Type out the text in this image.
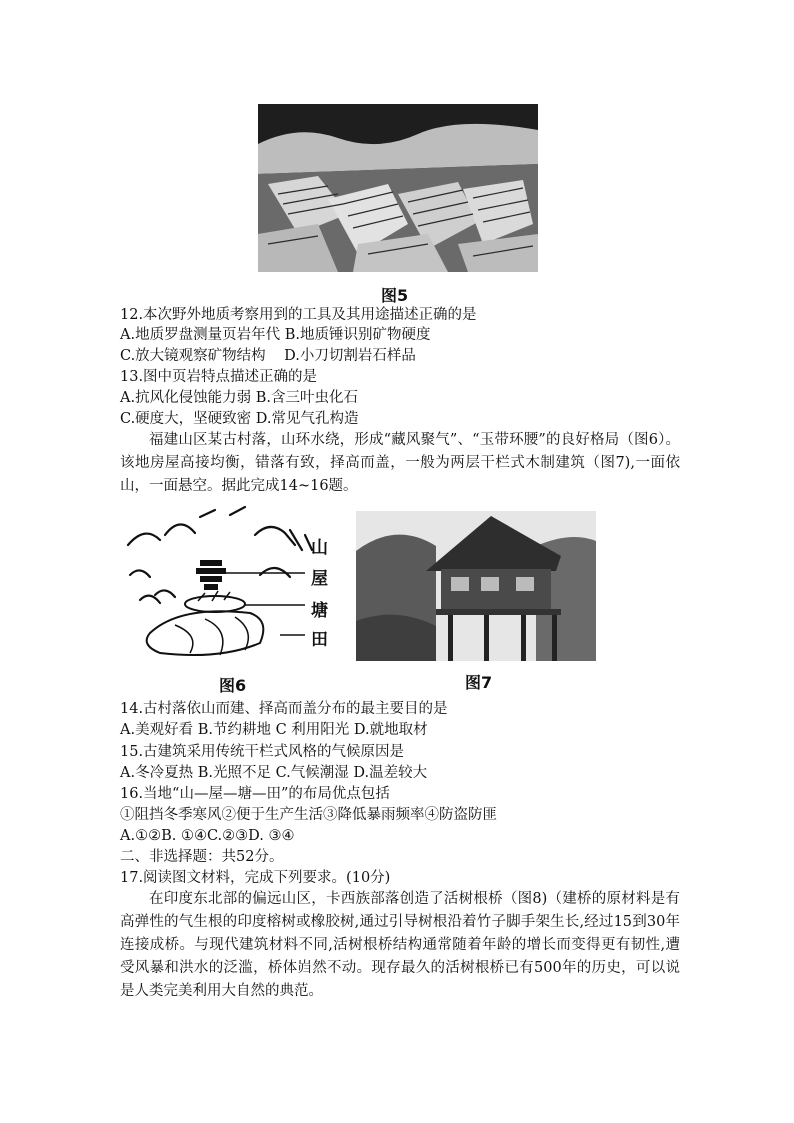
图5
12.本次野外地质考察用到的工具及其用途描述正确的是
A.地质罗盘测量页岩年代 B.地质锤识别矿物硬度
C.放大镜观察矿物结构    D.小刀切割岩石样品
13.图中页岩特点描述正确的是
A.抗风化侵蚀能力弱 B.含三叶虫化石
C.硬度大，坚硬致密 D.常见气孔构造
福建山区某古村落，山环水绕，形成“藏风聚气”、“玉带环腰”的良好格局（图6）。该地房屋高接均衡，错落有致，择高而盖，一般为两层干栏式木制建筑（图7),一面依山，一面悬空。据此完成14~16题。
山
屋
塘
田
图6	图7
14.古村落依山而建、择高而盖分布的最主要目的是
A.美观好看 B.节约耕地 C 利用阳光 D.就地取材
15.古建筑采用传统干栏式风格的气候原因是
A.冬冷夏热 B.光照不足 C.气候潮湿 D.温差较大
16.当地“山—屋—塘—田”的布局优点包括
①阻挡冬季寒风②便于生产生活③降低暴雨频率④防盗防匪
A.①②B. ①④C.②③D. ③④
二、非选择题：共52分。
17.阅读图文材料，完成下列要求。(10分)
在印度东北部的偏远山区，卡西族部落创造了活树根桥（图8)（建桥的原材料是有高弹性的气生根的印度榕树或橡胶树,通过引导树根沿着竹子脚手架生长,经过15到30年连接成桥。与现代建筑材料不同,活树根桥结构通常随着年龄的增长而变得更有韧性,遭受风暴和洪水的泛滥，桥体岿然不动。现存最久的活树根桥已有500年的历史，可以说是人类完美利用大自然的典范。
